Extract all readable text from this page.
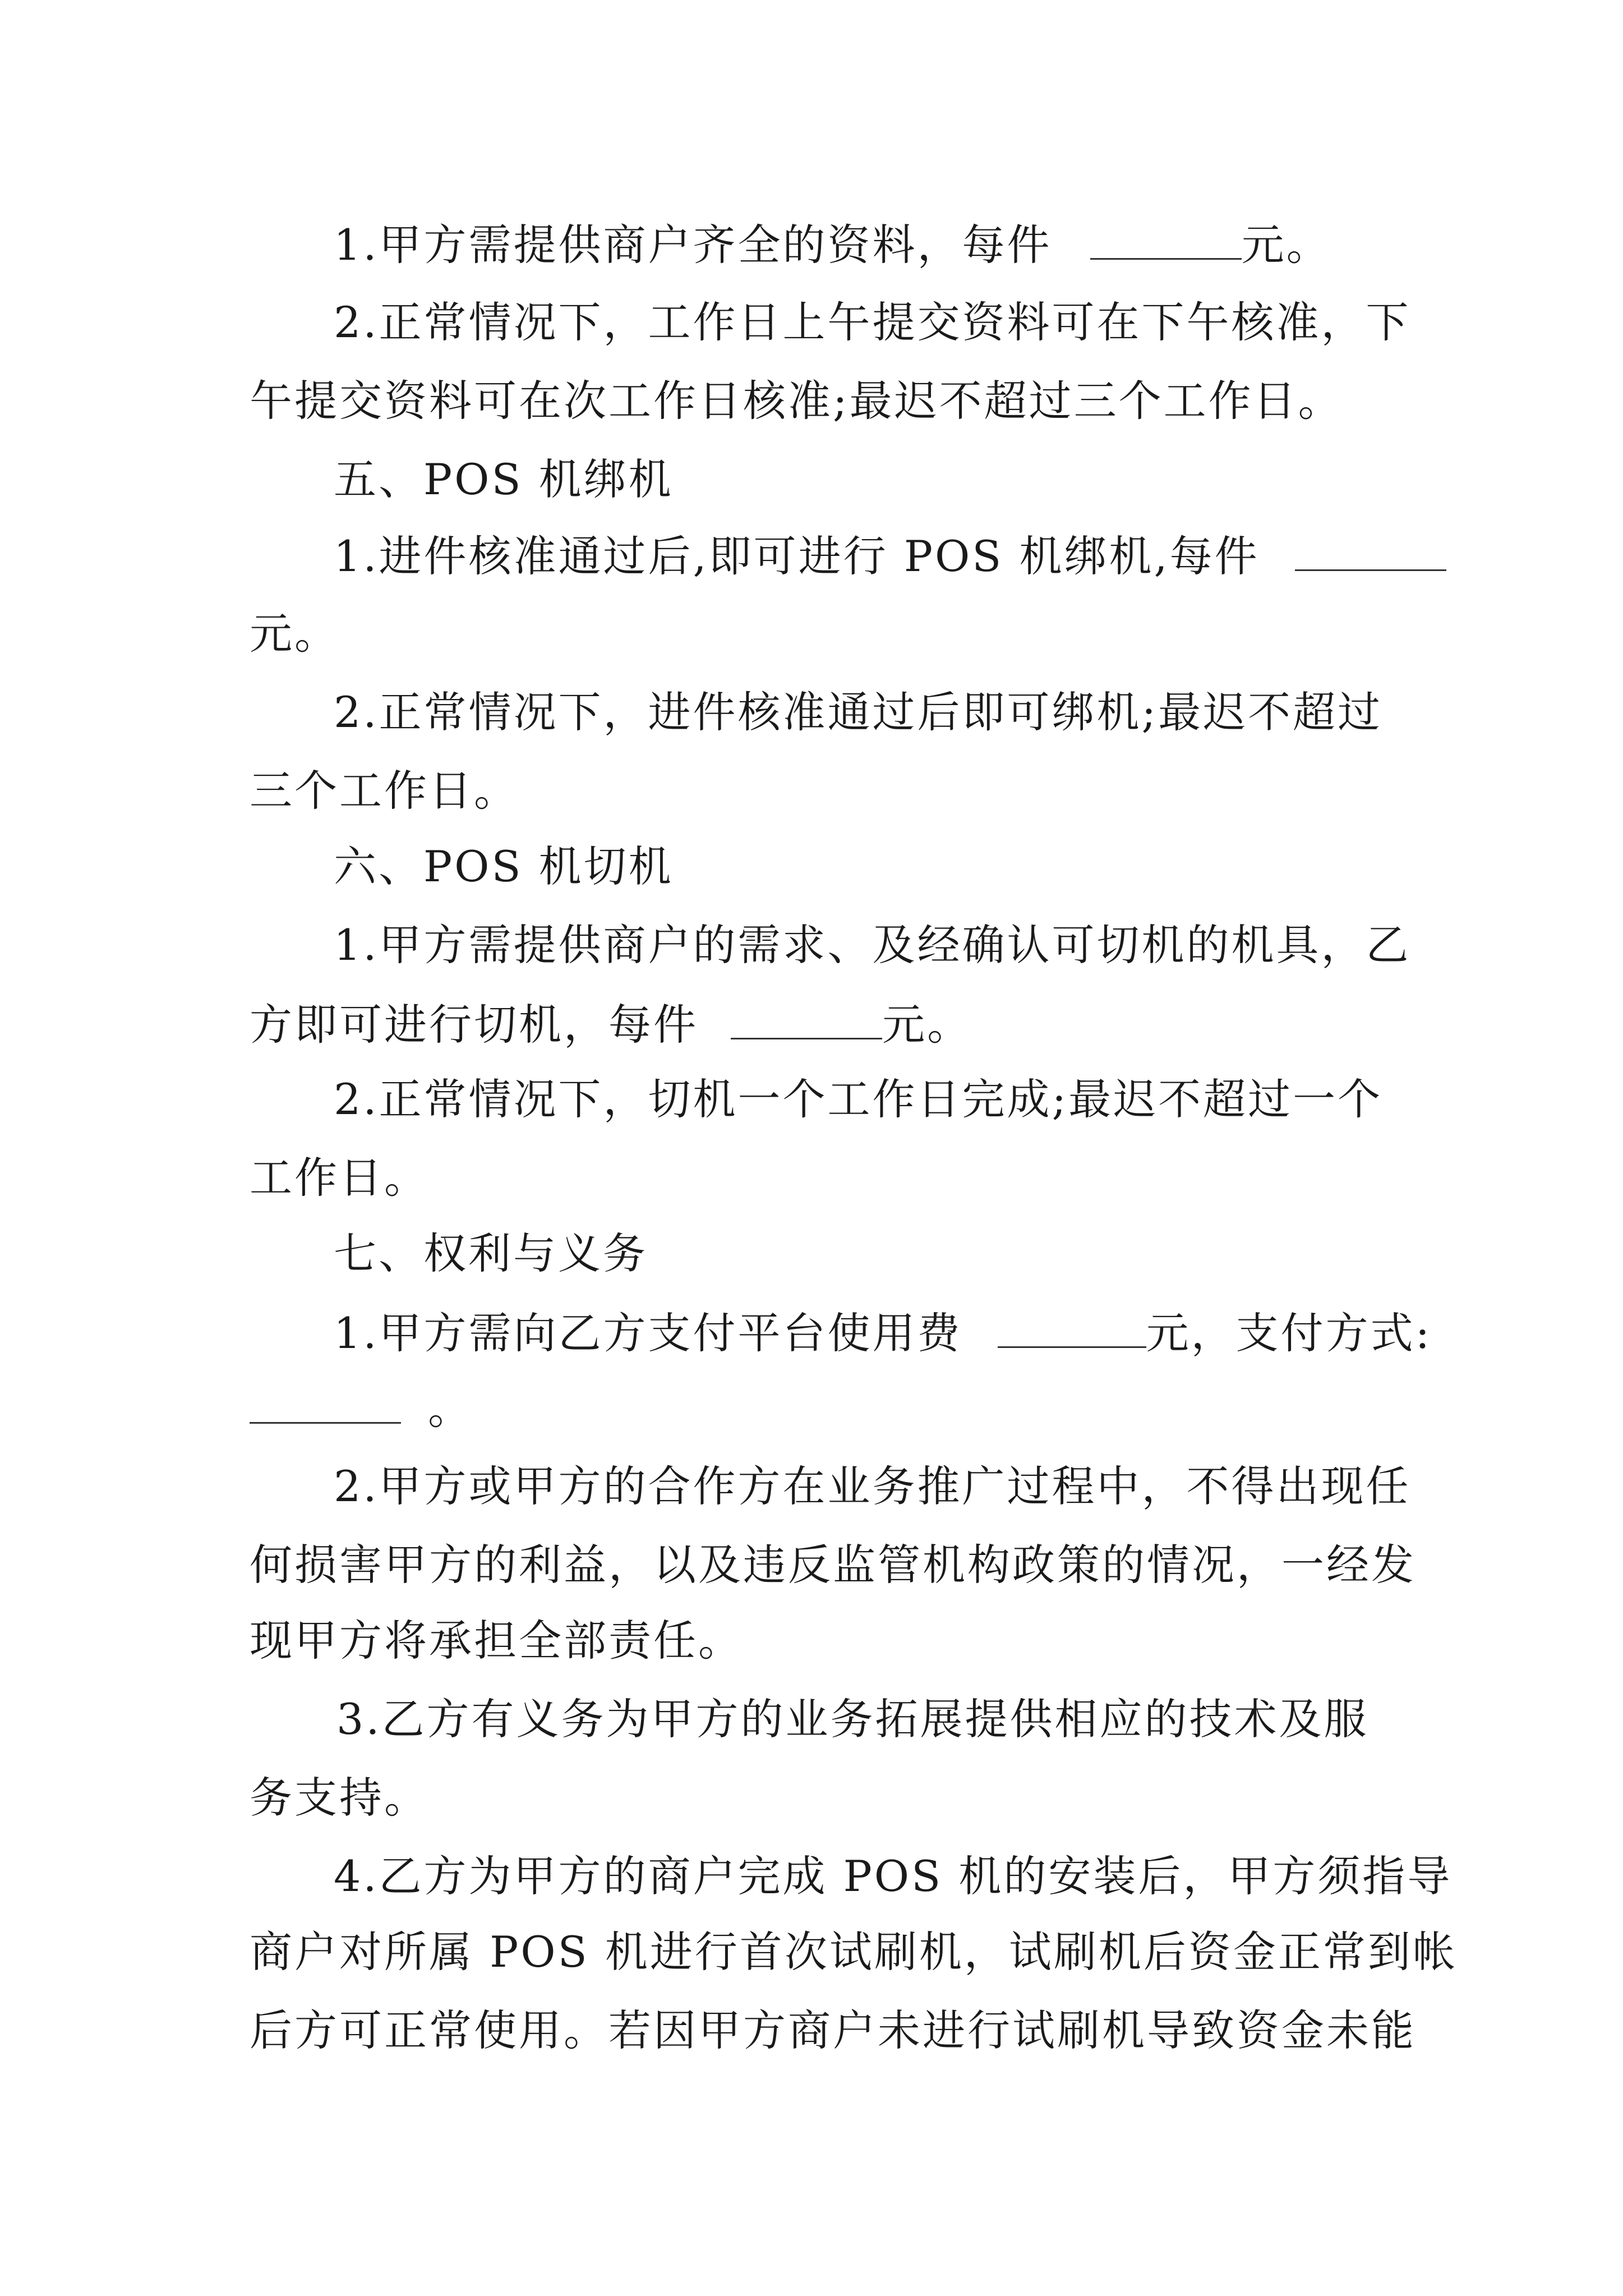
1.甲方需提供商户齐全的资料，每件	元。
2.正常情况下，工作日上午提交资料可在下午核准，下
午提交资料可在次工作日核准;最迟不超过三个工作日。
五、POS 机绑机
1.进件核准通过后,即可进行 POS 机绑机,每件
元。
2.正常情况下，进件核准通过后即可绑机;最迟不超过
三个工作日。
六、POS 机切机
1.甲方需提供商户的需求、及经确认可切机的机具，乙
方即可进行切机，每件	元。
2.正常情况下，切机一个工作日完成;最迟不超过一个
工作日。
七、权利与义务
1.甲方需向乙方支付平台使用费	元，支付方式:
。
2.甲方或甲方的合作方在业务推广过程中，不得出现任
何损害甲方的利益，以及违反监管机构政策的情况，一经发
现甲方将承担全部责任。
3.乙方有义务为甲方的业务拓展提供相应的技术及服
务支持。
4.乙方为甲方的商户完成 POS 机的安装后，甲方须指导
商户对所属 POS 机进行首次试刷机，试刷机后资金正常到帐
后方可正常使用。若因甲方商户未进行试刷机导致资金未能
